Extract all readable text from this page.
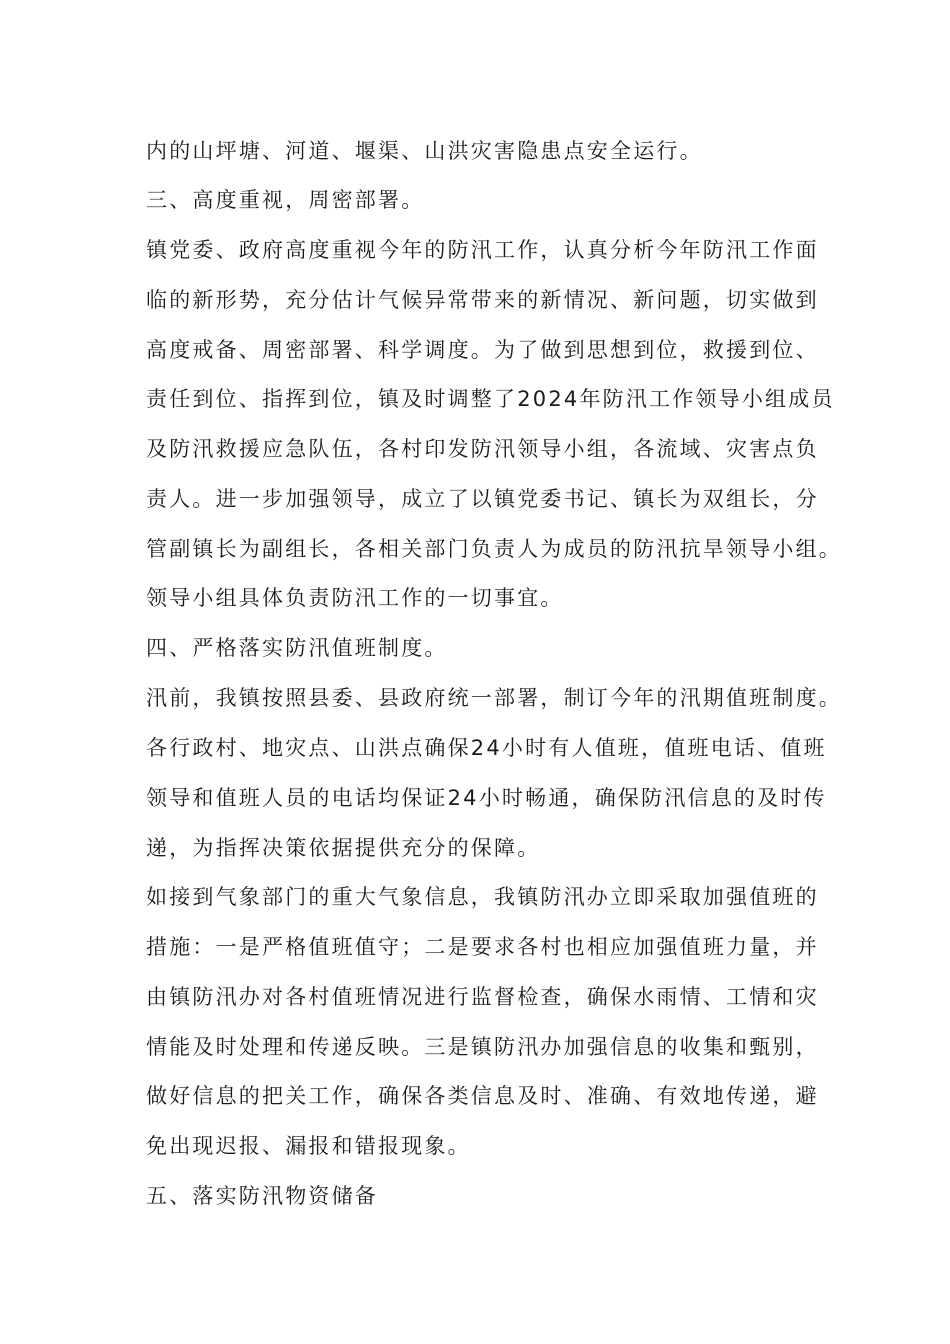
内的山坪塘、河道、堰渠、山洪灾害隐患点安全运行。
三、高度重视，周密部署。
镇党委、政府高度重视今年的防汛工作，认真分析今年防汛工作面
临的新形势，充分估计气候异常带来的新情况、新问题，切实做到
高度戒备、周密部署、科学调度。为了做到思想到位，救援到位、
责任到位、指挥到位，镇及时调整了2024年防汛工作领导小组成员
及防汛救援应急队伍，各村印发防汛领导小组，各流域、灾害点负
责人。进一步加强领导，成立了以镇党委书记、镇长为双组长，分
管副镇长为副组长，各相关部门负责人为成员的防汛抗旱领导小组。
领导小组具体负责防汛工作的一切事宜。
四、严格落实防汛值班制度。
汛前，我镇按照县委、县政府统一部署，制订今年的汛期值班制度。
各行政村、地灾点、山洪点确保24小时有人值班，值班电话、值班
领导和值班人员的电话均保证24小时畅通，确保防汛信息的及时传
递，为指挥决策依据提供充分的保障。
如接到气象部门的重大气象信息，我镇防汛办立即采取加强值班的
措施：一是严格值班值守；二是要求各村也相应加强值班力量，并
由镇防汛办对各村值班情况进行监督检查，确保水雨情、工情和灾
情能及时处理和传递反映。三是镇防汛办加强信息的收集和甄别，
做好信息的把关工作，确保各类信息及时、准确、有效地传递，避
免出现迟报、漏报和错报现象。
五、落实防汛物资储备
